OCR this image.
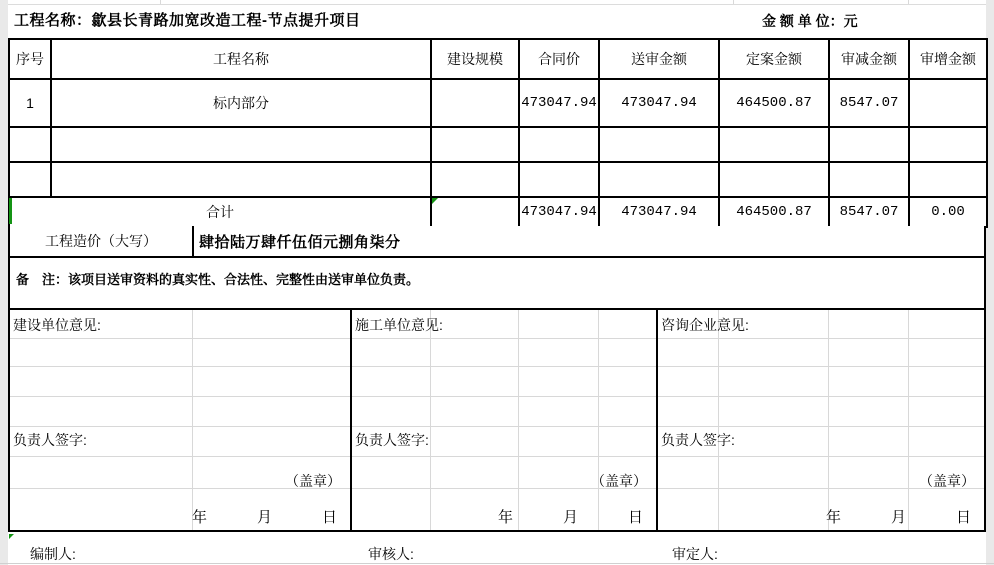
工程名称：歙县长青路加宽改造工程-节点提升项目	金 额 单 位：元
序号	工程名称	建设规模	合同价	送审金额	定案金额	审减金额	审增金额
1	标内部分		473047.94	473047.94	464500.87	8547.07	

合计			473047.94	473047.94	464500.87	8547.07	0.00
工程造价（大写）	肆拾陆万肆仟伍佰元捌角柒分
备　注：该项目送审资料的真实性、合法性、完整性由送审单位负责。
建设单位意见:
负责人签字:
（盖章）
年	月	日
施工单位意见:
负责人签字:
（盖章）
年	月	日
咨询企业意见:
负责人签字:
（盖章）
年	月	日
编制人:	审核人:	审定人:
